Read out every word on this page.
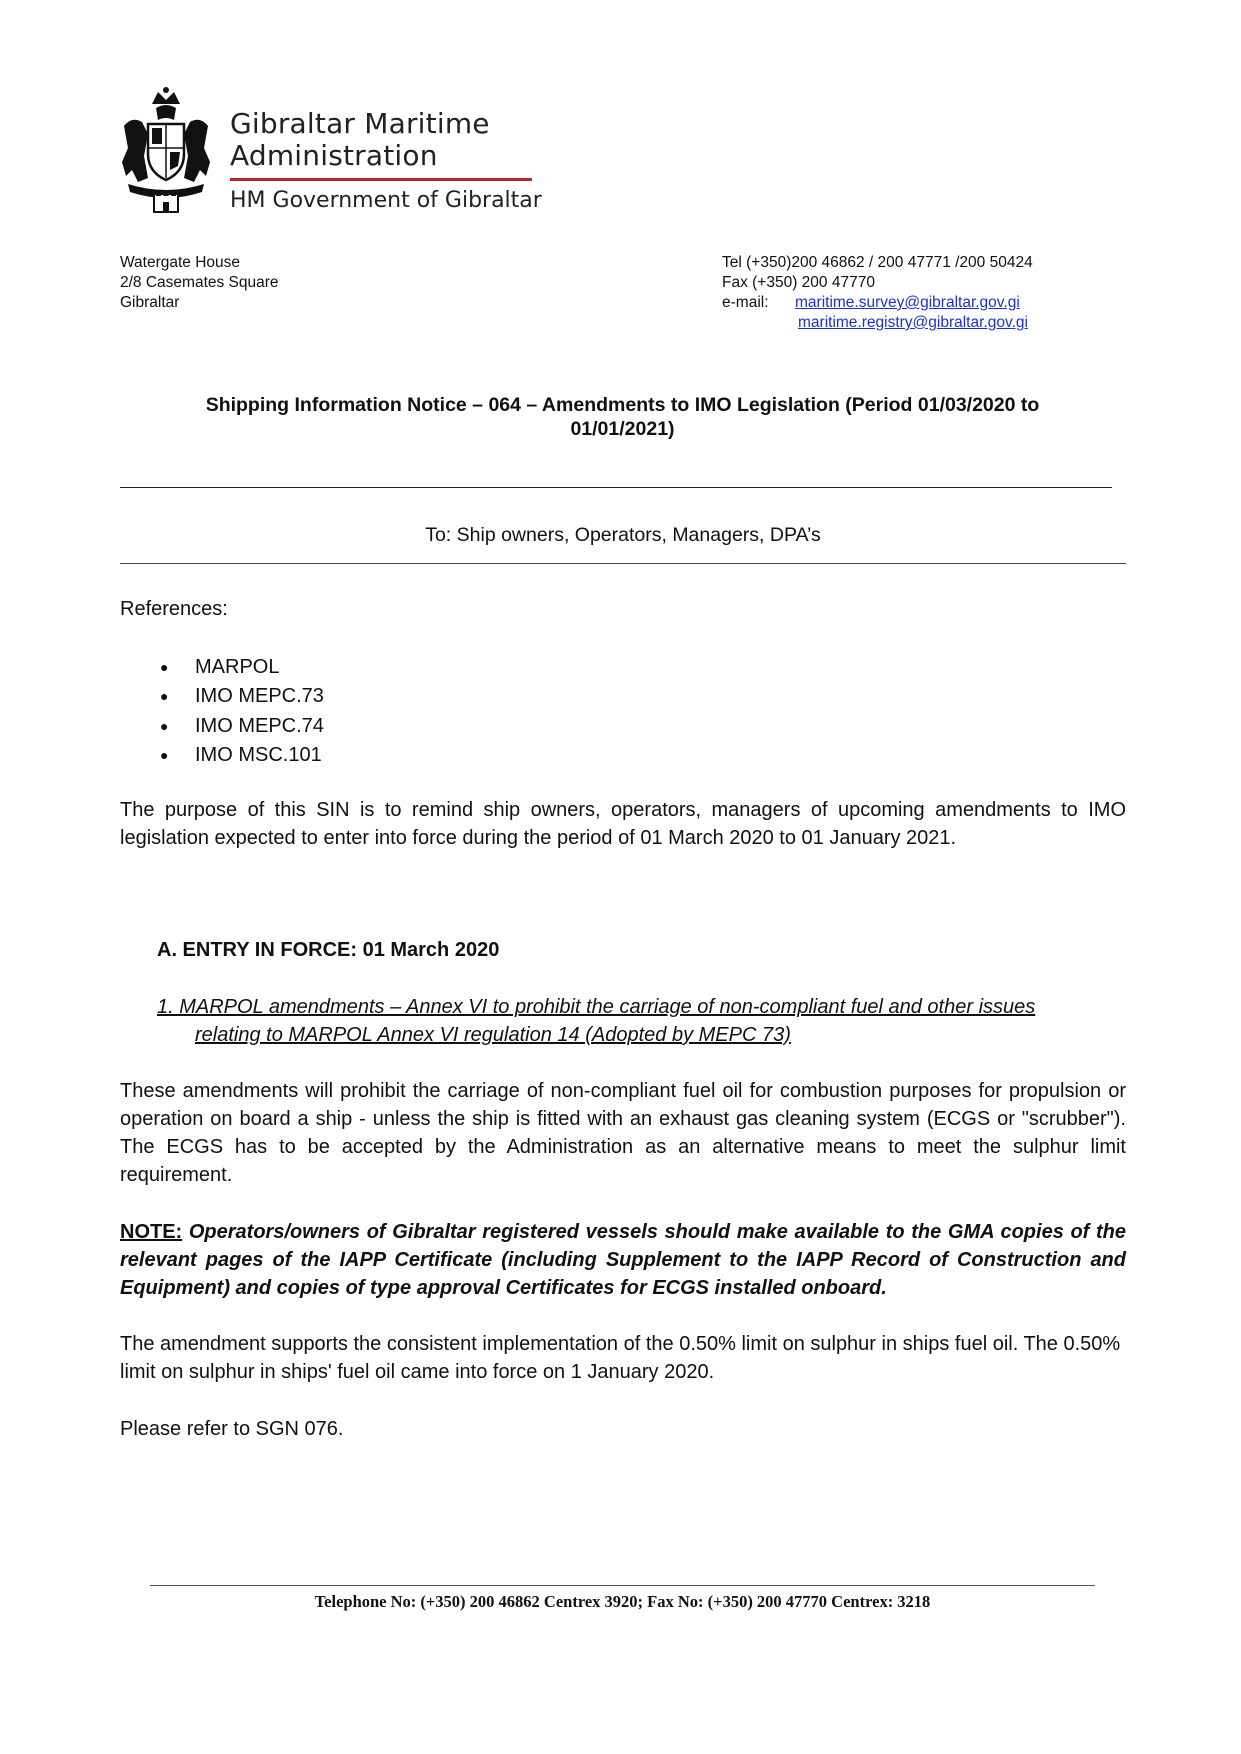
Gibraltar Maritime
Administration
HM Government of Gibraltar
Watergate House
2/8 Casemates Square
Gibraltar
Tel (+350)200 46862 / 200 47771 /200 50424
Fax (+350) 200 47770
e-mail:	maritime.survey@gibraltar.gov.gi
maritime.registry@gibraltar.gov.gi
Shipping Information Notice – 064 – Amendments to IMO Legislation (Period 01/03/2020 to
01/01/2021)
To: Ship owners, Operators, Managers, DPA’s
References:
●	MARPOL
●	IMO MEPC.73
●	IMO MEPC.74
●	IMO MSC.101
The purpose of this SIN is to remind ship owners, operators, managers of upcoming amendments to IMO legislation expected to enter into force during the period of 01 March 2020 to 01 January 2021.
A. ENTRY IN FORCE: 01 March 2020
1. MARPOL amendments – Annex VI to prohibit the carriage of non-compliant fuel and other issues
relating to MARPOL Annex VI regulation 14 (Adopted by MEPC 73)
These amendments will prohibit the carriage of non-compliant fuel oil for combustion purposes for propulsion or operation on board a ship - unless the ship is fitted with an exhaust gas cleaning system (ECGS or "scrubber"). The ECGS has to be accepted by the Administration as an alternative means to meet the sulphur limit requirement.
NOTE: Operators/owners of Gibraltar registered vessels should make available to the GMA copies of the relevant pages of the IAPP Certificate (including Supplement to the IAPP Record of Construction and Equipment) and copies of type approval Certificates for ECGS installed onboard.
The amendment supports the consistent implementation of the 0.50% limit on sulphur in ships fuel oil. The 0.50% limit on sulphur in ships' fuel oil came into force on 1 January 2020.
Please refer to SGN 076.
Telephone No: (+350) 200 46862 Centrex 3920; Fax No: (+350) 200 47770 Centrex: 3218
